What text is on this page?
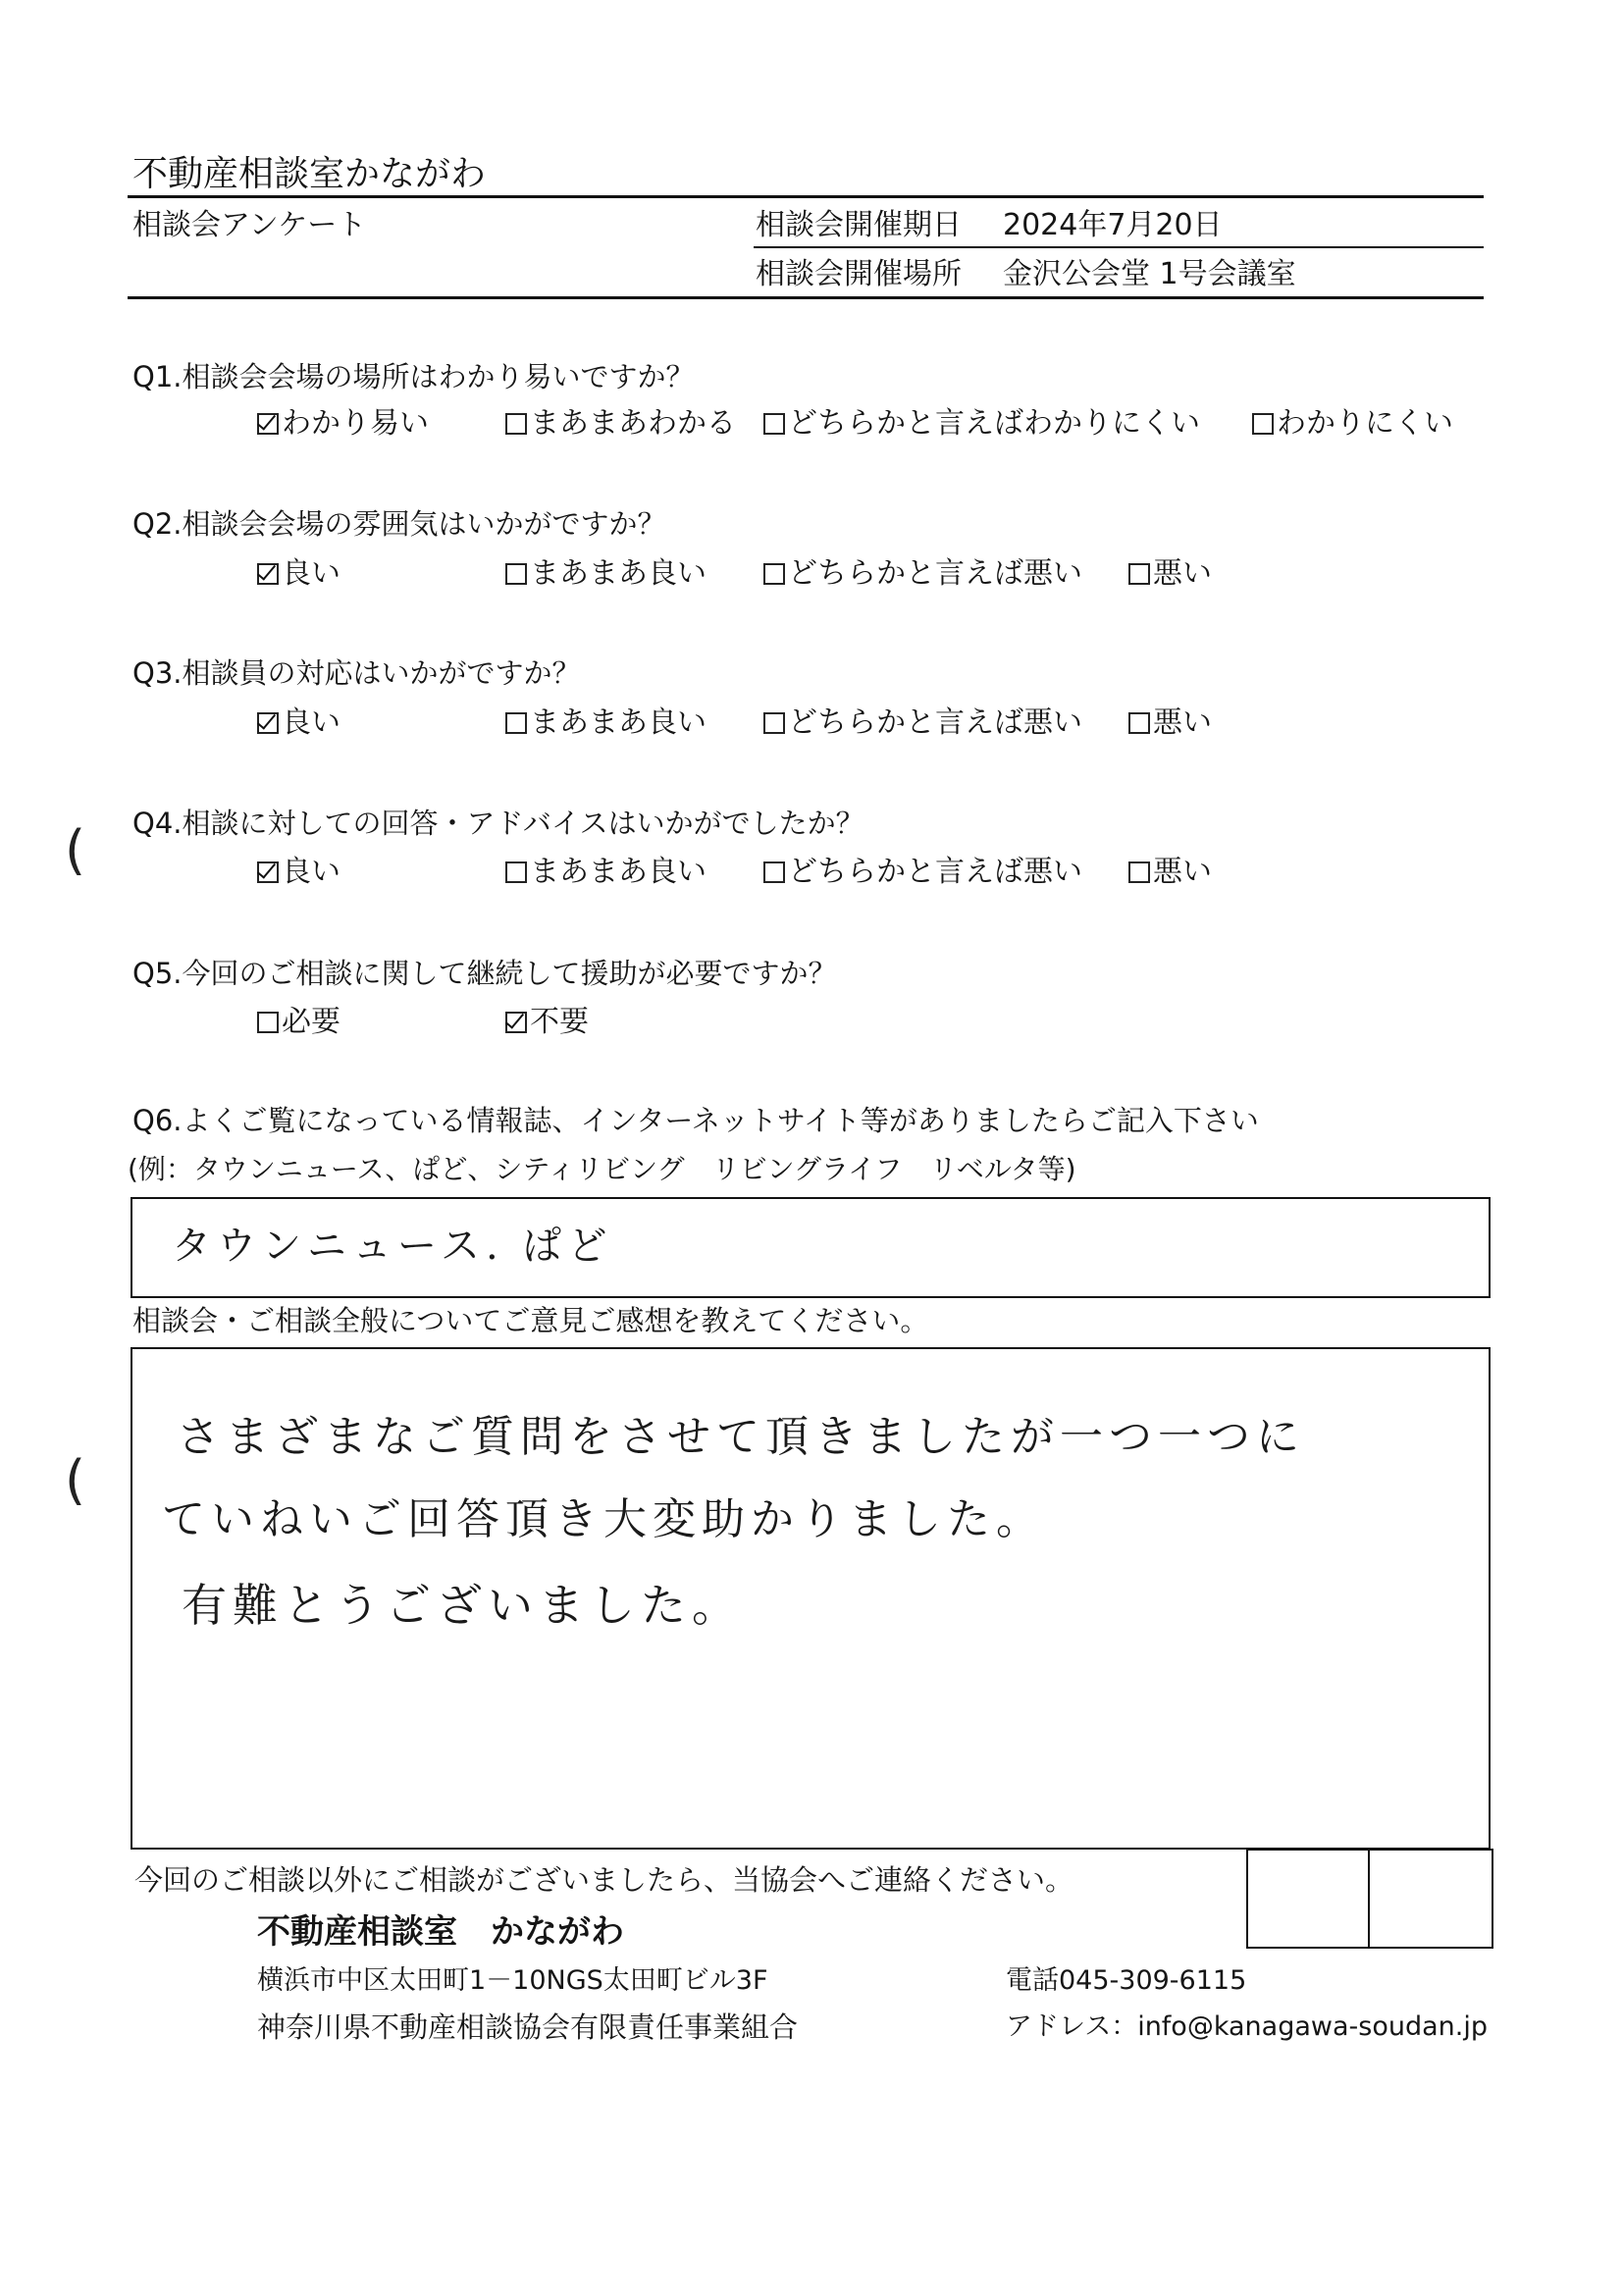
不動産相談室かながわ
相談会アンケート	相談会開催期日 2024年7月20日
相談会開催場所 金沢公会堂 1号会議室
Q1.相談会会場の場所はわかり易いですか？
わかり易い	まあまあわかる	どちらかと言えばわかりにくい	わかりにくい
Q2.相談会会場の雰囲気はいかがですか？
良い	まあまあ良い	どちらかと言えば悪い	悪い
Q3.相談員の対応はいかがですか？
良い	まあまあ良い	どちらかと言えば悪い	悪い
Q4.相談に対しての回答・アドバイスはいかがでしたか？
良い	まあまあ良い	どちらかと言えば悪い	悪い
Q5.今回のご相談に関して継続して援助が必要ですか？
必要	不要
Q6.よくご覧になっている情報誌、インターネットサイト等がありましたらご記入下さい
(例：タウンニュース、ぱど、シティリビング　リビングライフ　リベルタ等)
タウンニュース. ぱど
相談会・ご相談全般についてご意見ご感想を教えてください。
さまざまなご質問をさせて頂きましたが一つ一つに
ていねいご回答頂き大変助かりました。
有難とうございました。
今回のご相談以外にご相談がございましたら、当協会へご連絡ください。
不動産相談室　かながわ
横浜市中区太田町1－10NGS太田町ビル3F	電話045-309-6115
神奈川県不動産相談協会有限責任事業組合	アドレス：info@kanagawa-soudan.jp
(
(
